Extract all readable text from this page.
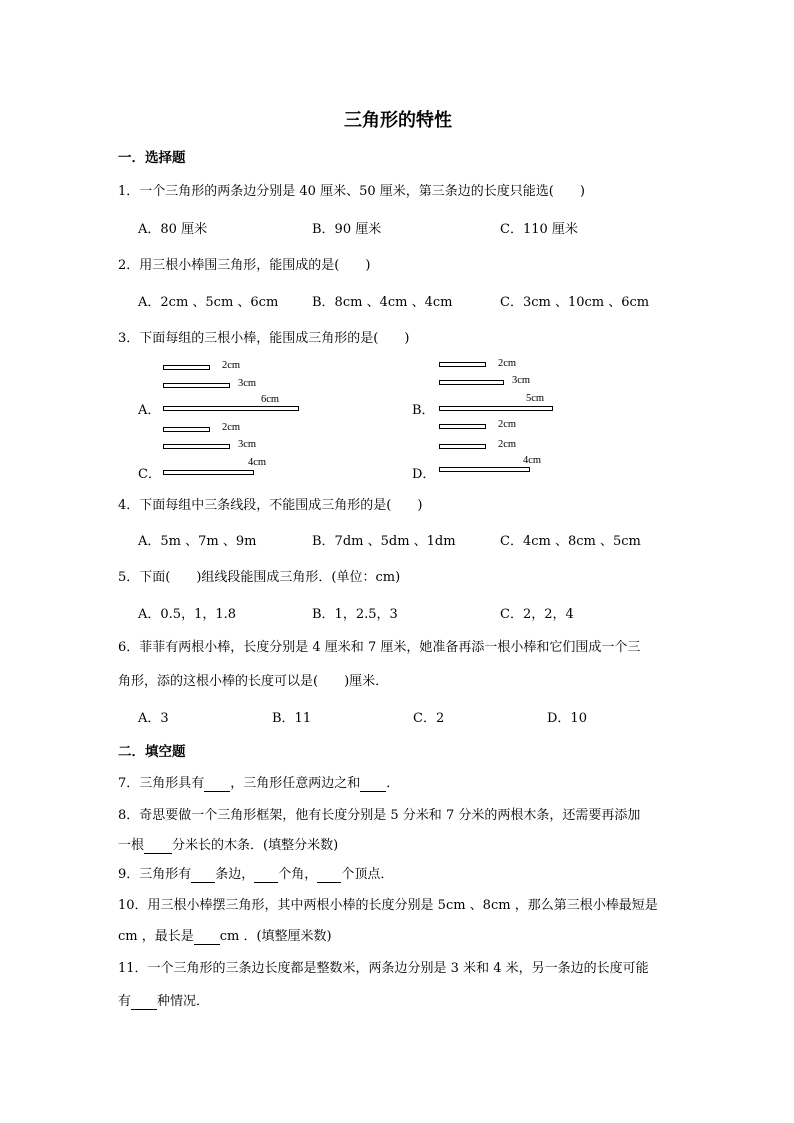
三角形的特性
一．选择题
1．一个三角形的两条边分别是 40 厘米、50 厘米，第三条边的长度只能选(　　)
A．80 厘米	B．90 厘米	C．110 厘米
2．用三根小棒围三角形，能围成的是(　　)
A．2cm 、5cm 、6cm	B．8cm 、4cm 、4cm	C．3cm 、10cm 、6cm
3．下面每组的三根小棒，能围成三角形的是(　　)
A．
2cm
3cm
6cm
B．
2cm
3cm
5cm
C．
2cm
3cm
4cm
D．
2cm
2cm
4cm
4．下面每组中三条线段，不能围成三角形的是(　　)
A．5m 、7m 、9m	B．7dm 、5dm 、1dm	C．4cm 、8cm 、5cm
5．下面(　　)组线段能围成三角形．(单位：cm)
A．0.5，1，1.8	B．1，2.5，3	C．2，2，4
6．菲菲有两根小棒，长度分别是 4 厘米和 7 厘米，她准备再添一根小棒和它们围成一个三
角形，添的这根小棒的长度可以是(　　)厘米．
A．3	B．11	C．2	D．10
二．填空题
7．三角形具有 ，三角形任意两边之和 ．
8．奇思要做一个三角形框架，他有长度分别是 5 分米和 7 分米的两根木条，还需要再添加
一根 分米长的木条．(填整分米数)
9．三角形有 条边， 个角， 个顶点．
10．用三根小棒摆三角形，其中两根小棒的长度分别是 5cm 、8cm ，那么第三根小棒最短是
cm ，最长是 cm ．(填整厘米数)
11．一个三角形的三条边长度都是整数米，两条边分别是 3 米和 4 米，另一条边的长度可能
有 种情况．
